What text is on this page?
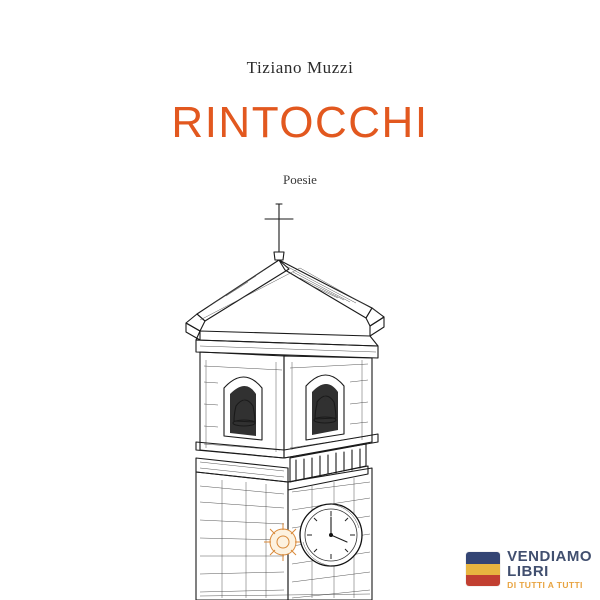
Tiziano Muzzi
RINTOCCHI
Poesie
VENDIAMO
LIBRI
DI TUTTI A TUTTI
